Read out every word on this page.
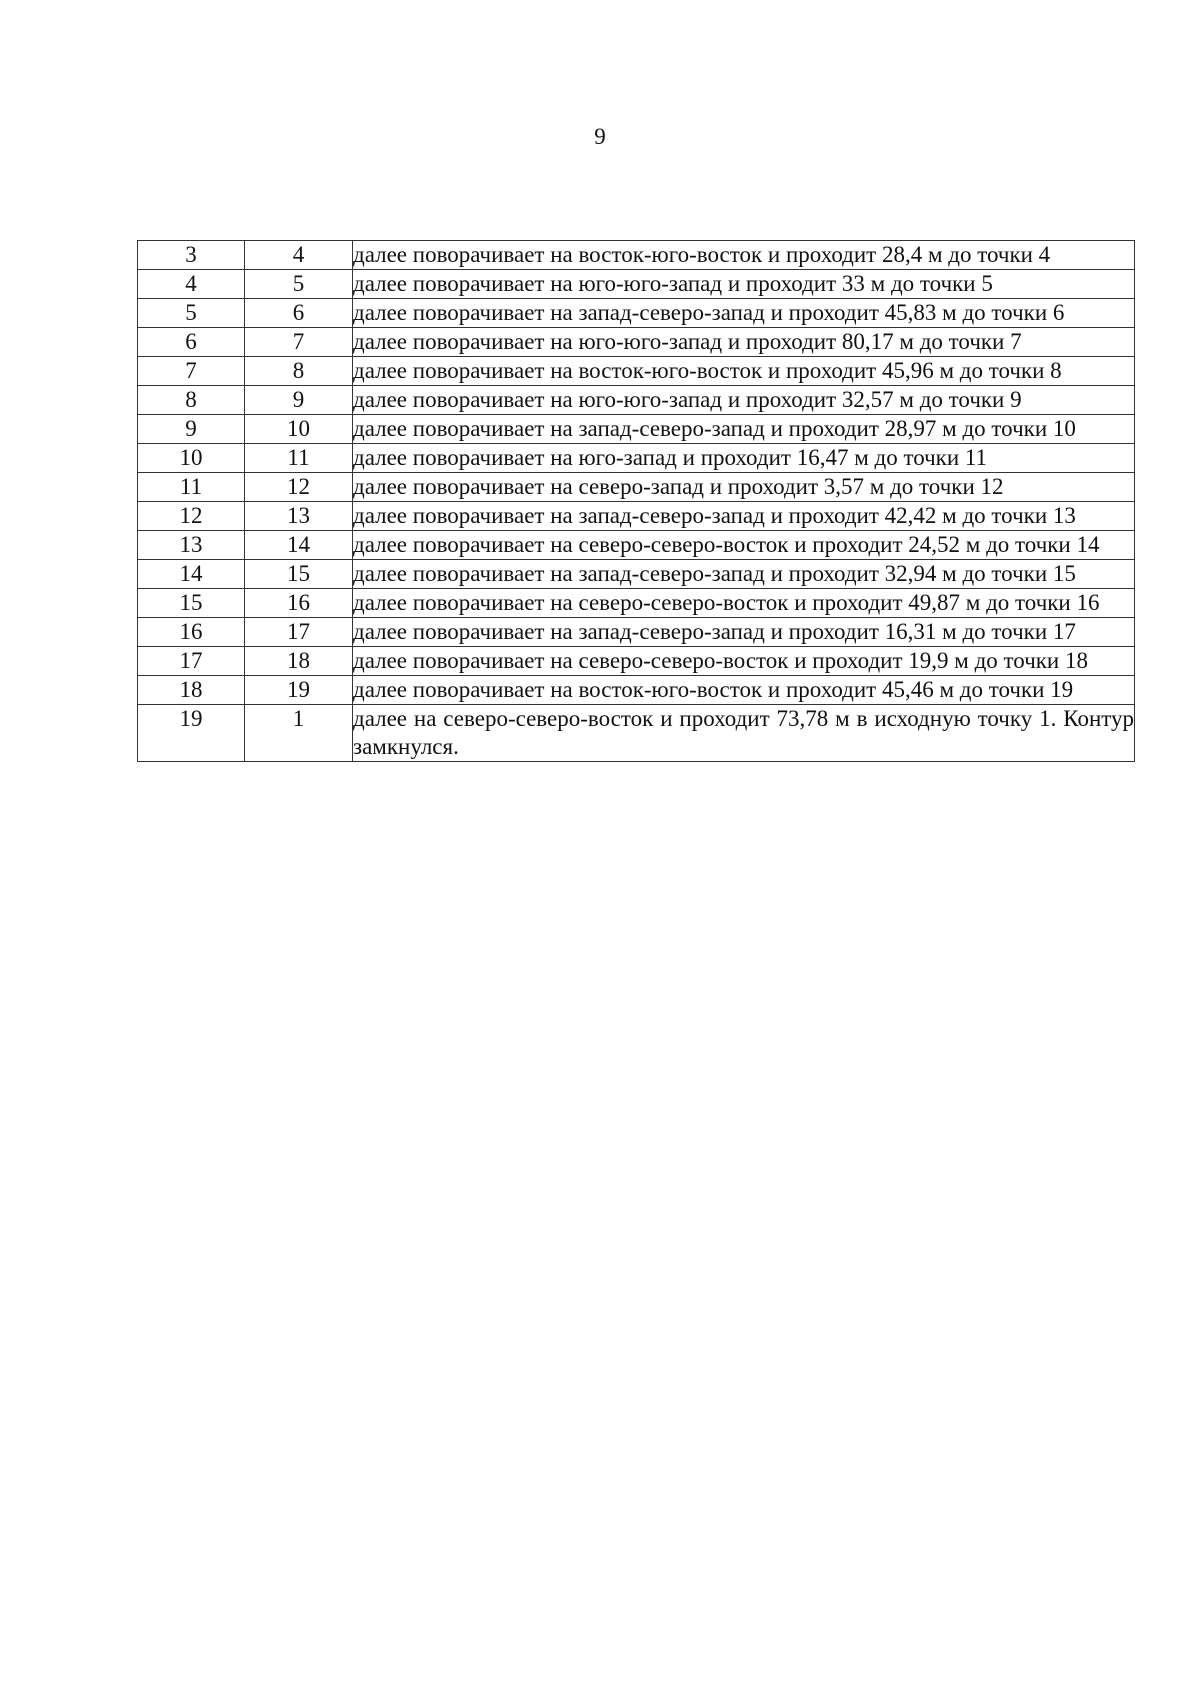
9
3	4	далее поворачивает на восток-юго-восток и проходит 28,4 м до точки 4
4	5	далее поворачивает на юго-юго-запад и проходит 33 м до точки 5
5	6	далее поворачивает на запад-северо-запад и проходит 45,83 м до точки 6
6	7	далее поворачивает на юго-юго-запад и проходит 80,17 м до точки 7
7	8	далее поворачивает на восток-юго-восток и проходит 45,96 м до точки 8
8	9	далее поворачивает на юго-юго-запад и проходит 32,57 м до точки 9
9	10	далее поворачивает на запад-северо-запад и проходит 28,97 м до точки 10
10	11	далее поворачивает на юго-запад и проходит 16,47 м до точки 11
11	12	далее поворачивает на северо-запад и проходит 3,57 м до точки 12
12	13	далее поворачивает на запад-северо-запад и проходит 42,42 м до точки 13
13	14	далее поворачивает на северо-северо-восток и проходит 24,52 м до точки 14
14	15	далее поворачивает на запад-северо-запад и проходит 32,94 м до точки 15
15	16	далее поворачивает на северо-северо-восток и проходит 49,87 м до точки 16
16	17	далее поворачивает на запад-северо-запад и проходит 16,31 м до точки 17
17	18	далее поворачивает на северо-северо-восток и проходит 19,9 м до точки 18
18	19	далее поворачивает на восток-юго-восток и проходит 45,46 м до точки 19
19	1	далее на северо-северо-восток и проходит 73,78 м в исходную точку 1. Контур замкнулся.
